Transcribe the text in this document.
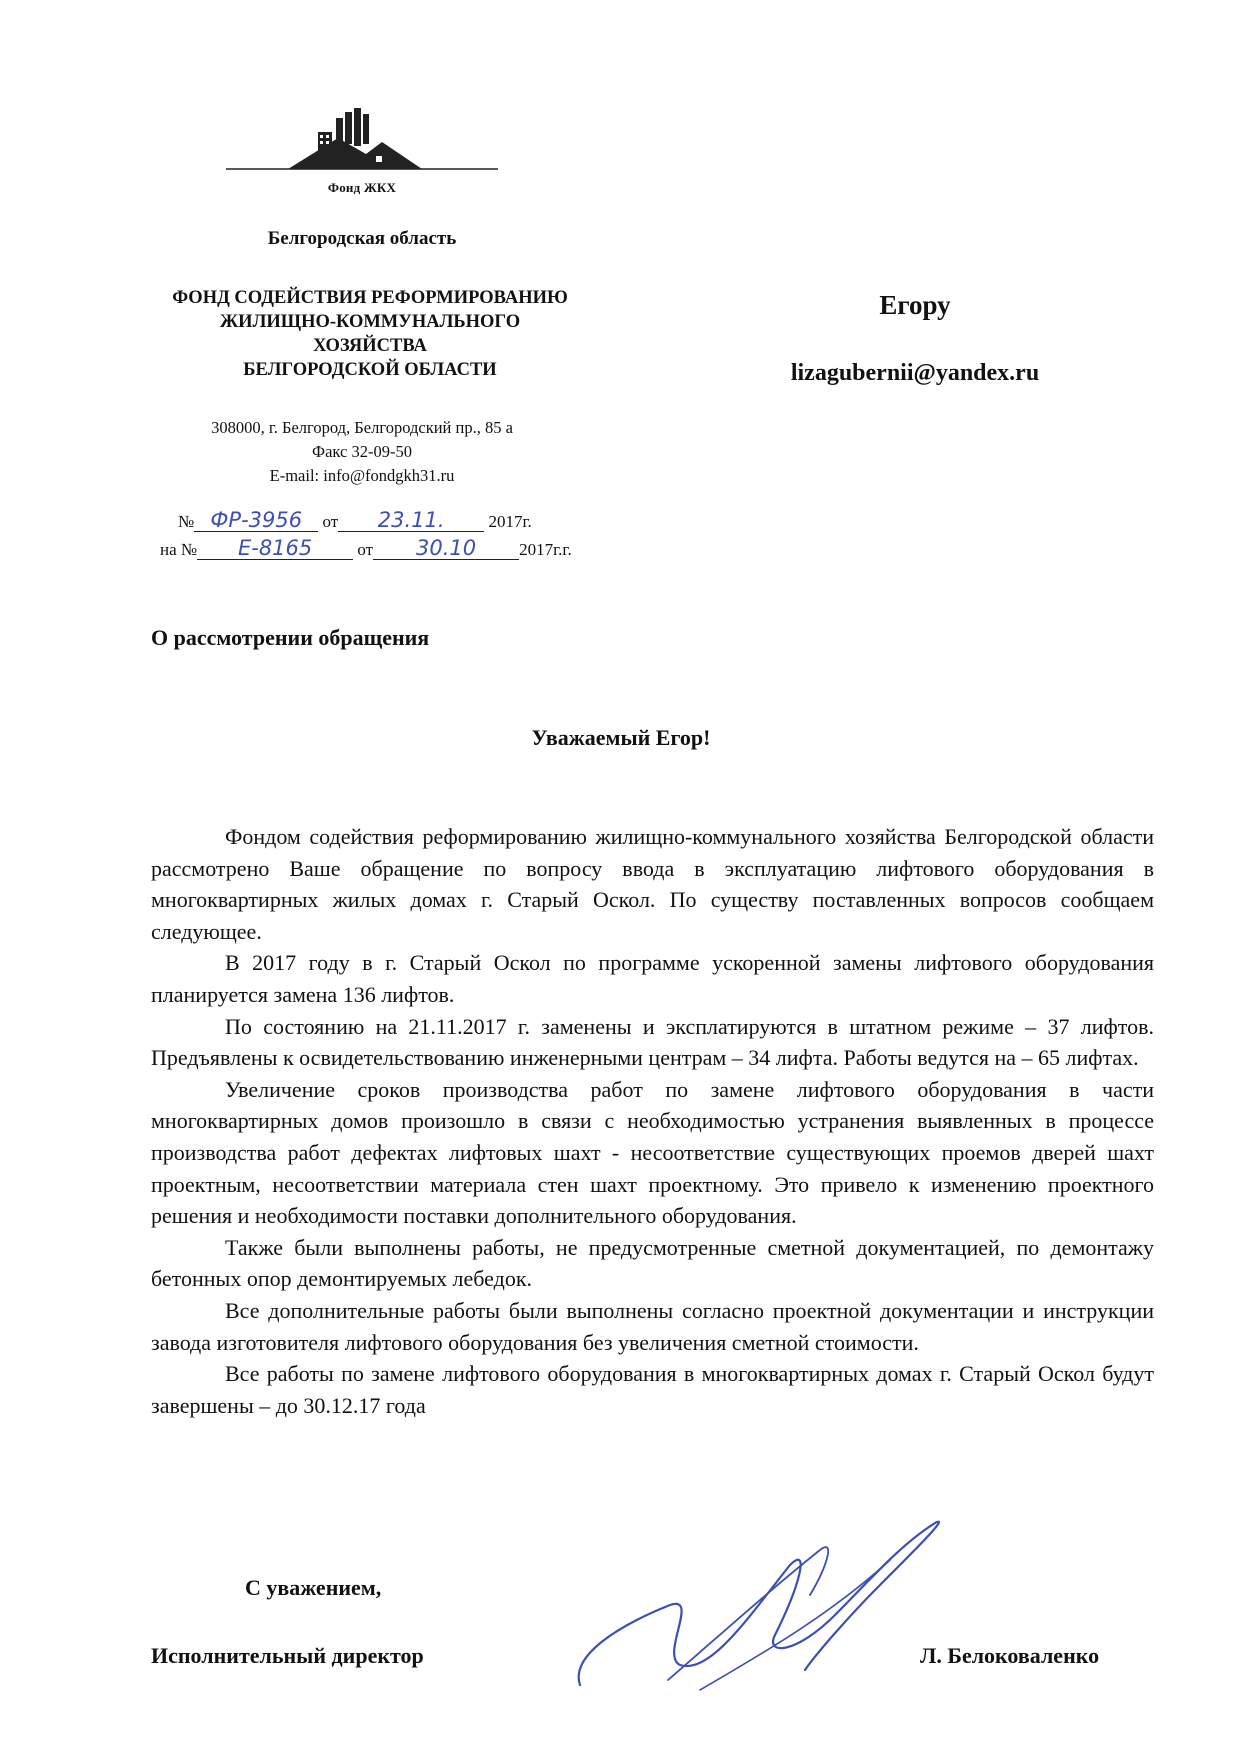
Фонд ЖКХ
Белгородская область
ФОНД СОДЕЙСТВИЯ РЕФОРМИРОВАНИЮ
ЖИЛИЩНО-КОММУНАЛЬНОГО
ХОЗЯЙСТВА
БЕЛГОРОДСКОЙ ОБЛАСТИ
308000, г. Белгород, Белгородский пр., 85 а
Факс 32-09-50
E-mail: info@fondgkh31.ru
№ ФР-3956 от 23.11.	2017г.
на № Е-8165	от 30.10	2017г.г.
Егору
lizagubernii@yandex.ru
О рассмотрении обращения
Уважаемый Егор!

Фондом содействия реформированию жилищно-коммунального хозяйства Белгородской области рассмотрено Ваше обращение по вопросу ввода в эксплуатацию лифтового оборудования в многоквартирных жилых домах г. Старый Оскол. По существу поставленных вопросов сообщаем следующее.

В 2017 году в г. Старый Оскол по программе ускоренной замены лифтового оборудования планируется замена 136 лифтов.

По состоянию на 21.11.2017 г. заменены и эксплатируются в штатном режиме – 37 лифтов. Предъявлены к освидетельствованию инженерными центрам – 34 лифта. Работы ведутся на – 65 лифтах.

Увеличение сроков производства работ по замене лифтового оборудования в части многоквартирных домов произошло в связи с необходимостью устранения выявленных в процессе производства работ дефектах лифтовых шахт - несоответствие существующих проемов дверей шахт проектным, несоответствии материала стен шахт проектному. Это привело к изменению проектного решения и необходимости поставки дополнительного оборудования.

Также были выполнены работы, не предусмотренные сметной документацией, по демонтажу бетонных опор демонтируемых лебедок.

Все дополнительные работы были выполнены согласно проектной документации и инструкции завода изготовителя лифтового оборудования без увеличения сметной стоимости.

Все работы по замене лифтового оборудования в многоквартирных домах г. Старый Оскол будут завершены – до 30.12.17 года

С уважением,
Исполнительный директор	Л. Белоковаленко
